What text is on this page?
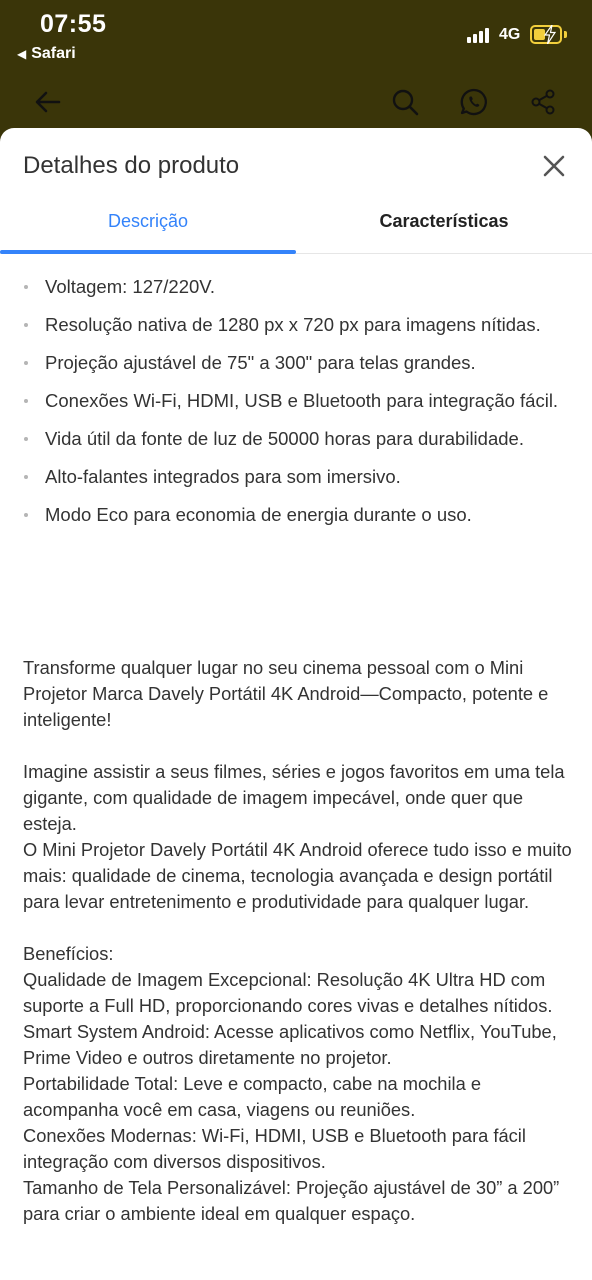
07:55
◀ Safari
4G
Detalhes do produto
Descrição	Características
Voltagem: 127/220V.
Resolução nativa de 1280 px x 720 px para imagens nítidas.
Projeção ajustável de 75" a 300" para telas grandes.
Conexões Wi-Fi, HDMI, USB e Bluetooth para integração fácil.
Vida útil da fonte de luz de 50000 horas para durabilidade.
Alto-falantes integrados para som imersivo.
Modo Eco para economia de energia durante o uso.
Transforme qualquer lugar no seu cinema pessoal com o Mini Projetor Marca Davely Portátil 4K Android—Compacto, potente e inteligente!

Imagine assistir a seus filmes, séries e jogos favoritos em uma tela gigante, com qualidade de imagem impecável, onde quer que esteja.
O Mini Projetor Davely Portátil 4K Android oferece tudo isso e muito mais: qualidade de cinema, tecnologia avançada e design portátil para levar entretenimento e produtividade para qualquer lugar.

Benefícios:
Qualidade de Imagem Excepcional: Resolução 4K Ultra HD com suporte a Full HD, proporcionando cores vivas e detalhes nítidos.
Smart System Android: Acesse aplicativos como Netflix, YouTube, Prime Video e outros diretamente no projetor.
Portabilidade Total: Leve e compacto, cabe na mochila e acompanha você em casa, viagens ou reuniões.
Conexões Modernas: Wi-Fi, HDMI, USB e Bluetooth para fácil integração com diversos dispositivos.
Tamanho de Tela Personalizável: Projeção ajustável de 30” a 200” para criar o ambiente ideal em qualquer espaço.
